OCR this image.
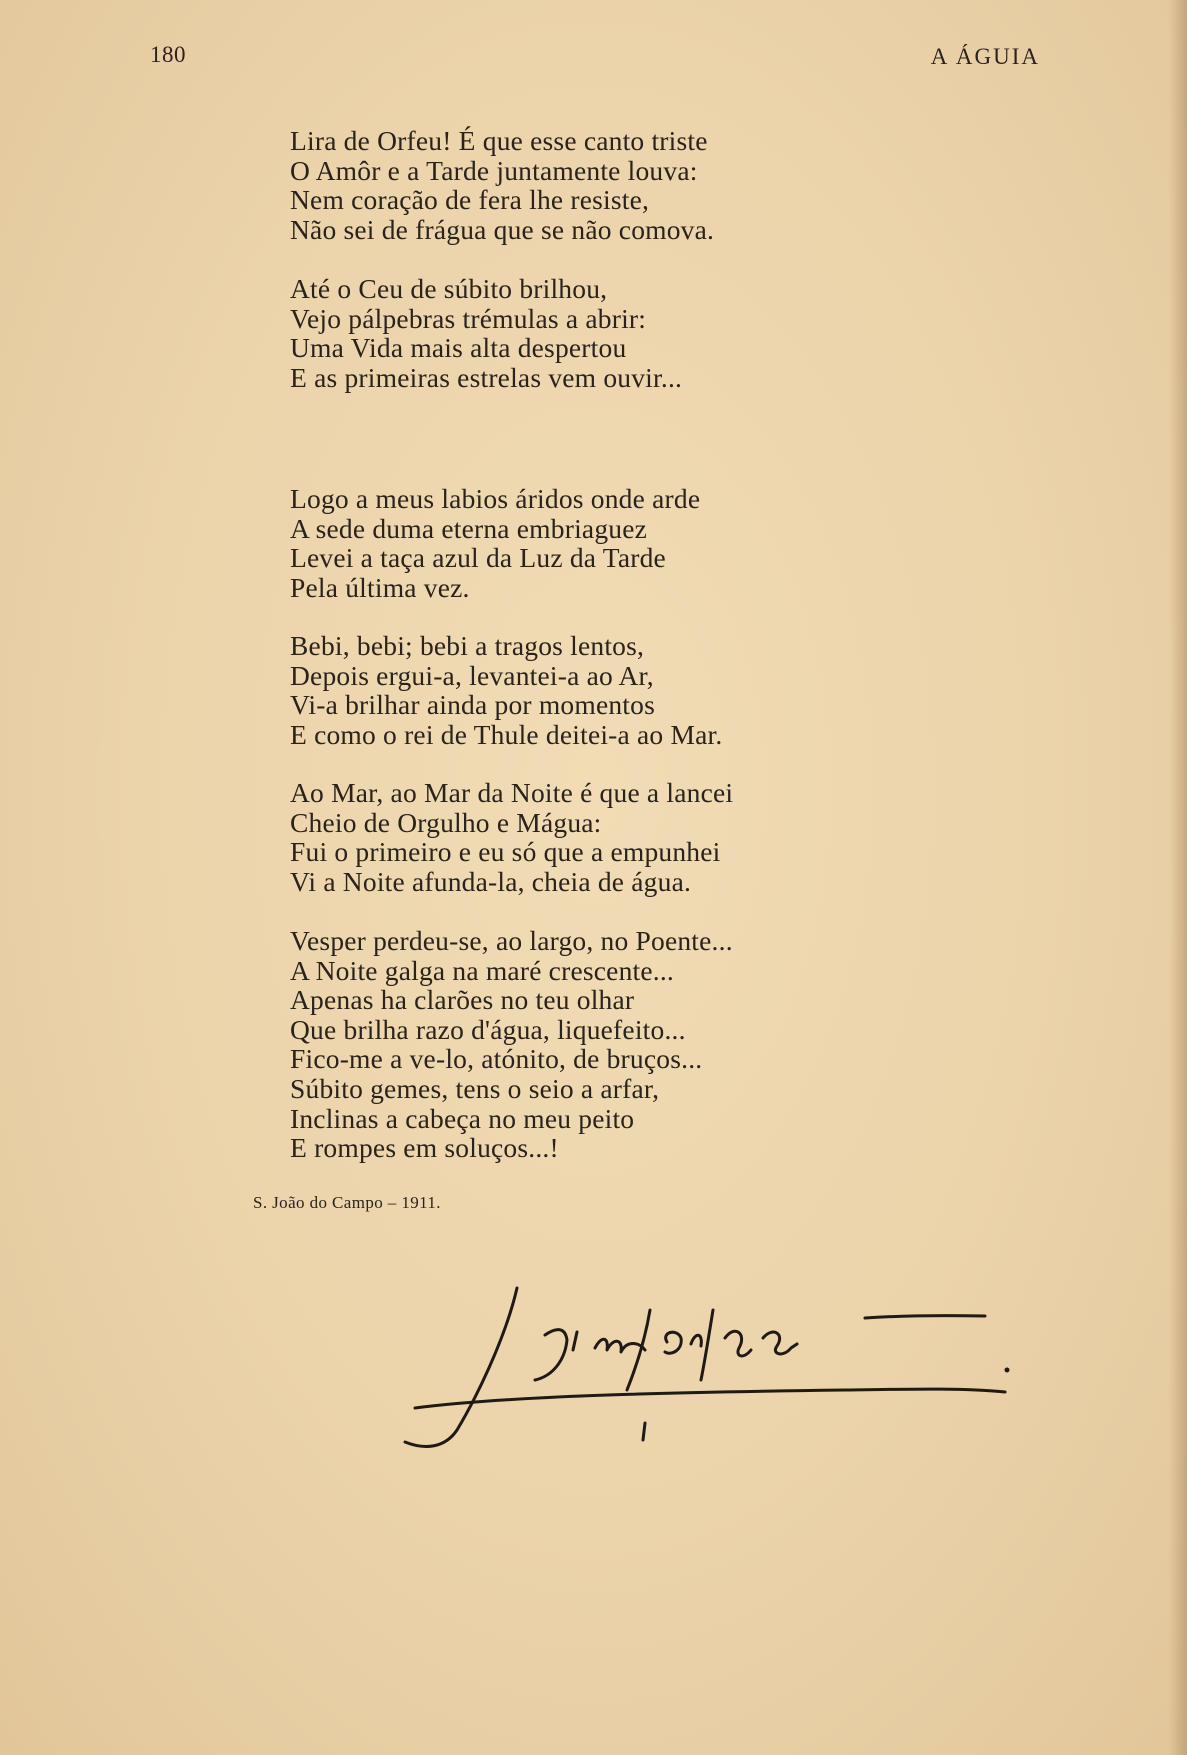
180	A ÁGUIA
Lira de Orfeu! É que esse canto triste
O Amôr e a Tarde juntamente louva:
Nem coração de fera lhe resiste,
Não sei de frágua que se não comova.
Até o Ceu de súbito brilhou,
Vejo pálpebras trémulas a abrir:
Uma Vida mais alta despertou
E as primeiras estrelas vem ouvir...
Logo a meus labios áridos onde arde
A sede duma eterna embriaguez
Levei a taça azul da Luz da Tarde
Pela última vez.
Bebi, bebi; bebi a tragos lentos,
Depois ergui-a, levantei-a ao Ar,
Vi-a brilhar ainda por momentos
E como o rei de Thule deitei-a ao Mar.
Ao Mar, ao Mar da Noite é que a lancei
Cheio de Orgulho e Mágua:
Fui o primeiro e eu só que a empunhei
Vi a Noite afunda-la, cheia de água.
Vesper perdeu-se, ao largo, no Poente...
A Noite galga na maré crescente...
Apenas ha clarões no teu olhar
Que brilha razo d'água, liquefeito...
Fico-me a ve-lo, atónito, de bruços...
Súbito gemes, tens o seio a arfar,
Inclinas a cabeça no meu peito
E rompes em soluços...!
S. João do Campo – 1911.
